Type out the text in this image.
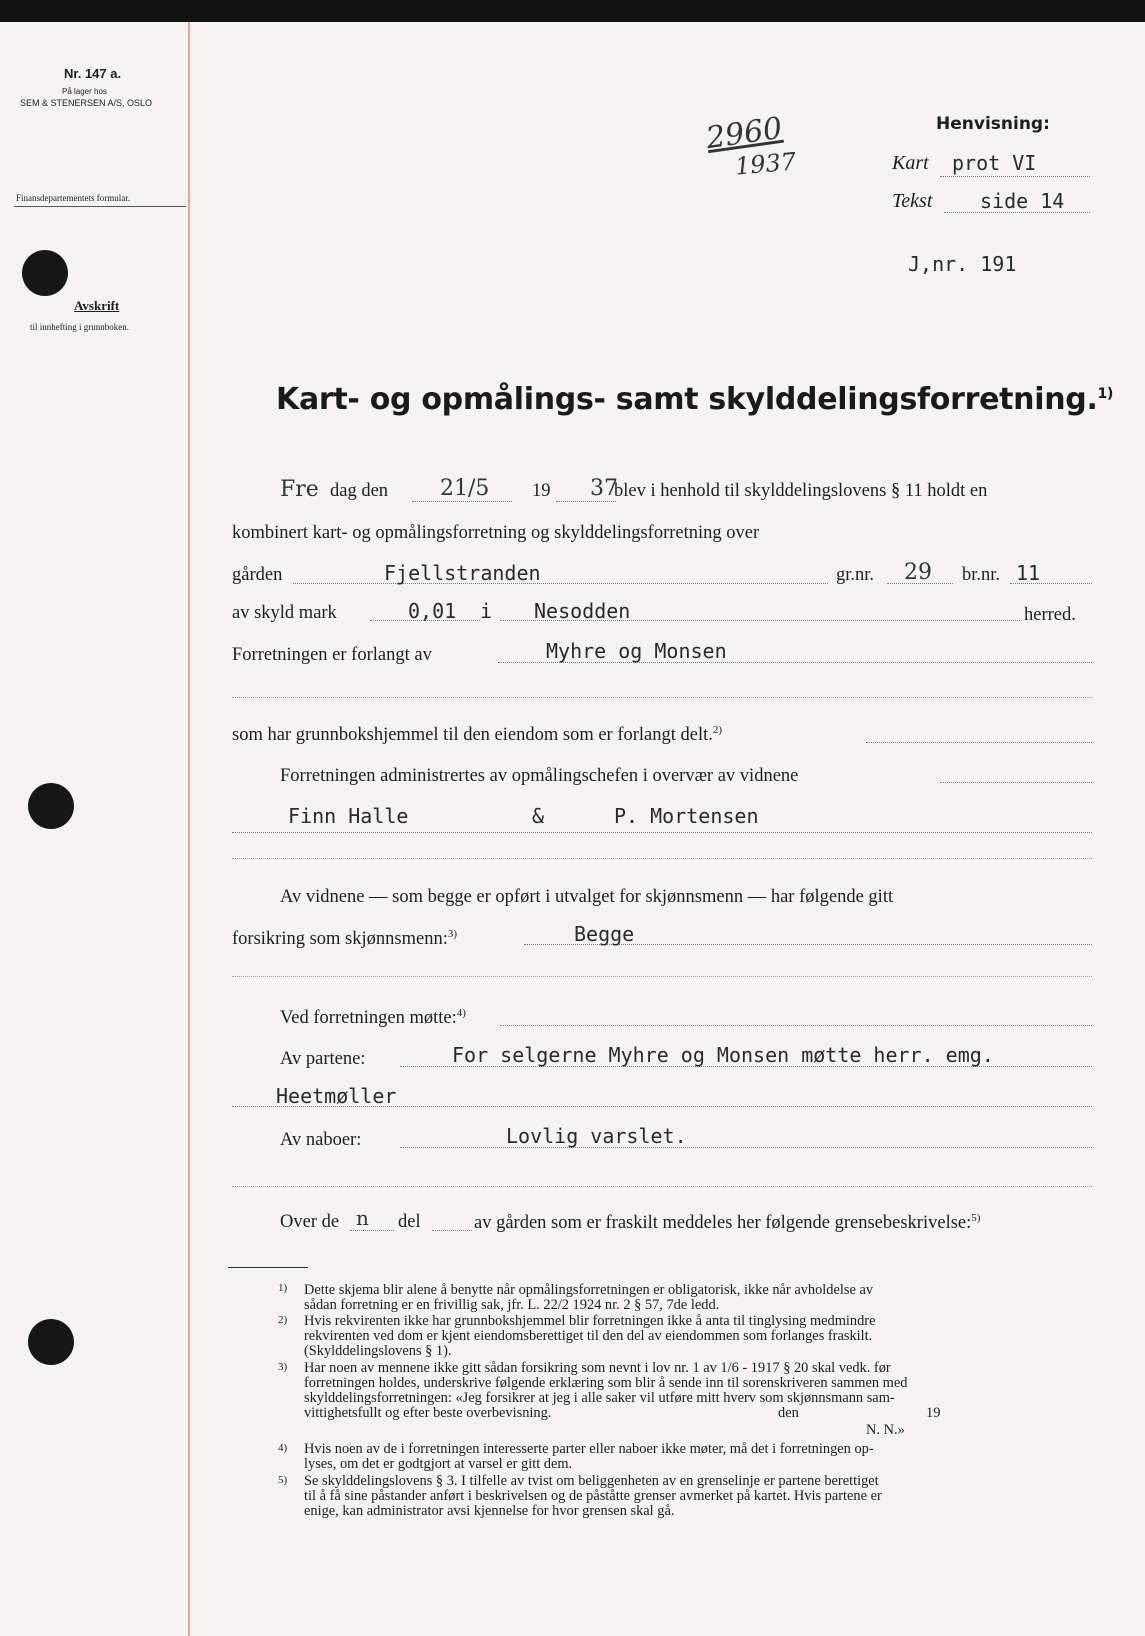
Nr. 147 a.
På lager hos
SEM & STENERSEN A/S, OSLO
Finansdepartementets formular.
Avskrift
til innhefting i grunnboken.
2960
1937
Henvisning:
Kart prot VI
Tekst side 14
J,nr. 191
Kart- og opmålings- samt skylddelingsforretning.$^{1)}$
Fre dag den 21/5 19 37
blev i henhold til skylddelingslovens § 11 holdt en
kombinert kart- og opmålingsforretning og skylddelingsforretning over
gården	Fjellstranden	gr.nr. 29 br.nr. 11
av skyld mark	0,01 i Nesodden	herred.
Forretningen er forlangt av	Myhre og Monsen
som har grunnbokshjemmel til den eiendom som er forlangt delt.$^{2)}$
Forretningen administrertes av opmålingschefen i overvær av vidnene
Finn Halle	&	P. Mortensen
Av vidnene — som begge er opført i utvalget for skjønnsmenn — har følgende gitt
forsikring som skjønnsmenn:$^{3)}$	Begge
Ved forretningen møtte:$^{4)}$
Av partene:	For selgerne Myhre og Monsen møtte herr. emg.
Heetmøller
Av naboer:	Lovlig varslet.
Over de n del	av gården som er fraskilt meddeles her følgende grensebeskrivelse:$^{5)}$
1) Dette skjema blir alene å benytte når opmålingsforretningen er obligatorisk, ikke når avholdelse av
sådan forretning er en frivillig sak, jfr. L. 22/2 1924 nr. 2 § 57, 7de ledd.
2) Hvis rekvirenten ikke har grunnbokshjemmel blir forretningen ikke å anta til tinglysing medmindre
rekvirenten ved dom er kjent eiendomsberettiget til den del av eiendommen som forlanges fraskilt.
(Skylddelingslovens § 1).
3) Har noen av mennene ikke gitt sådan forsikring som nevnt i lov nr. 1 av 1/6 - 1917 § 20 skal vedk. før
forretningen holdes, underskrive følgende erklæring som blir å sende inn til sorenskriveren sammen med
skylddelingsforretningen: «Jeg forsikrer at jeg i alle saker vil utføre mitt hverv som skjønnsmann sam-
vittighetsfullt og efter beste overbevisning.	den	19
N. N.»
4) Hvis noen av de i forretningen interesserte parter eller naboer ikke møter, må det i forretningen op-
lyses, om det er godtgjort at varsel er gitt dem.
5) Se skylddelingslovens § 3. I tilfelle av tvist om beliggenheten av en grenselinje er partene berettiget
til å få sine påstander anført i beskrivelsen og de påståtte grenser avmerket på kartet. Hvis partene er
enige, kan administrator avsi kjennelse for hvor grensen skal gå.
